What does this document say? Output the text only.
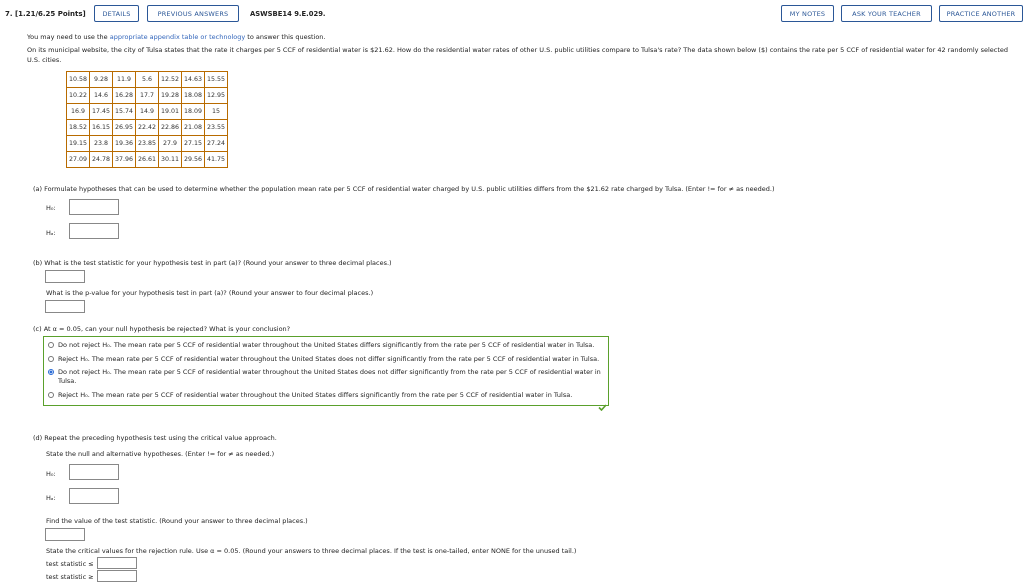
7. [1.21/6.25 Points]	DETAILS	PREVIOUS ANSWERS	ASWSBE14 9.E.029.	MY NOTES	ASK YOUR TEACHER	PRACTICE ANOTHER

You may need to use the appropriate appendix table or technology to answer this question.

On its municipal website, the city of Tulsa states that the rate it charges per 5 CCF of residential water is $21.62. How do the residential water rates of other U.S. public utilities compare to Tulsa's rate? The data shown below ($) contains the rate per 5 CCF of residential water for 42 randomly selected U.S. cities.

10.58	9.28	11.9	5.6	12.52	14.63	15.55
10.22	14.6	16.28	17.7	19.28	18.08	12.95
16.9	17.45	15.74	14.9	19.01	18.09	15
18.52	16.15	26.95	22.42	22.86	21.08	23.55
19.15	23.8	19.36	23.85	27.9	27.15	27.24
27.09	24.78	37.96	26.61	30.11	29.56	41.75
(a) Formulate hypotheses that can be used to determine whether the population mean rate per 5 CCF of residential water charged by U.S. public utilities differs from the $21.62 rate charged by Tulsa. (Enter != for ≠ as needed.)
H₀:
Hₐ:
(b) What is the test statistic for your hypothesis test in part (a)? (Round your answer to three decimal places.)
What is the p-value for your hypothesis test in part (a)? (Round your answer to four decimal places.)
(c) At α = 0.05, can your null hypothesis be rejected? What is your conclusion?
Do not reject H₀. The mean rate per 5 CCF of residential water throughout the United States differs significantly from the rate per 5 CCF of residential water in Tulsa.
Reject H₀. The mean rate per 5 CCF of residential water throughout the United States does not differ significantly from the rate per 5 CCF of residential water in Tulsa.
Do not reject H₀. The mean rate per 5 CCF of residential water throughout the United States does not differ significantly from the rate per 5 CCF of residential water in Tulsa.
Reject H₀. The mean rate per 5 CCF of residential water throughout the United States differs significantly from the rate per 5 CCF of residential water in Tulsa.
(d) Repeat the preceding hypothesis test using the critical value approach.
State the null and alternative hypotheses. (Enter != for ≠ as needed.)
H₀:
Hₐ:
Find the value of the test statistic. (Round your answer to three decimal places.)
State the critical values for the rejection rule. Use α = 0.05. (Round your answers to three decimal places. If the test is one-tailed, enter NONE for the unused tail.)
test statistic ≤
test statistic ≥
